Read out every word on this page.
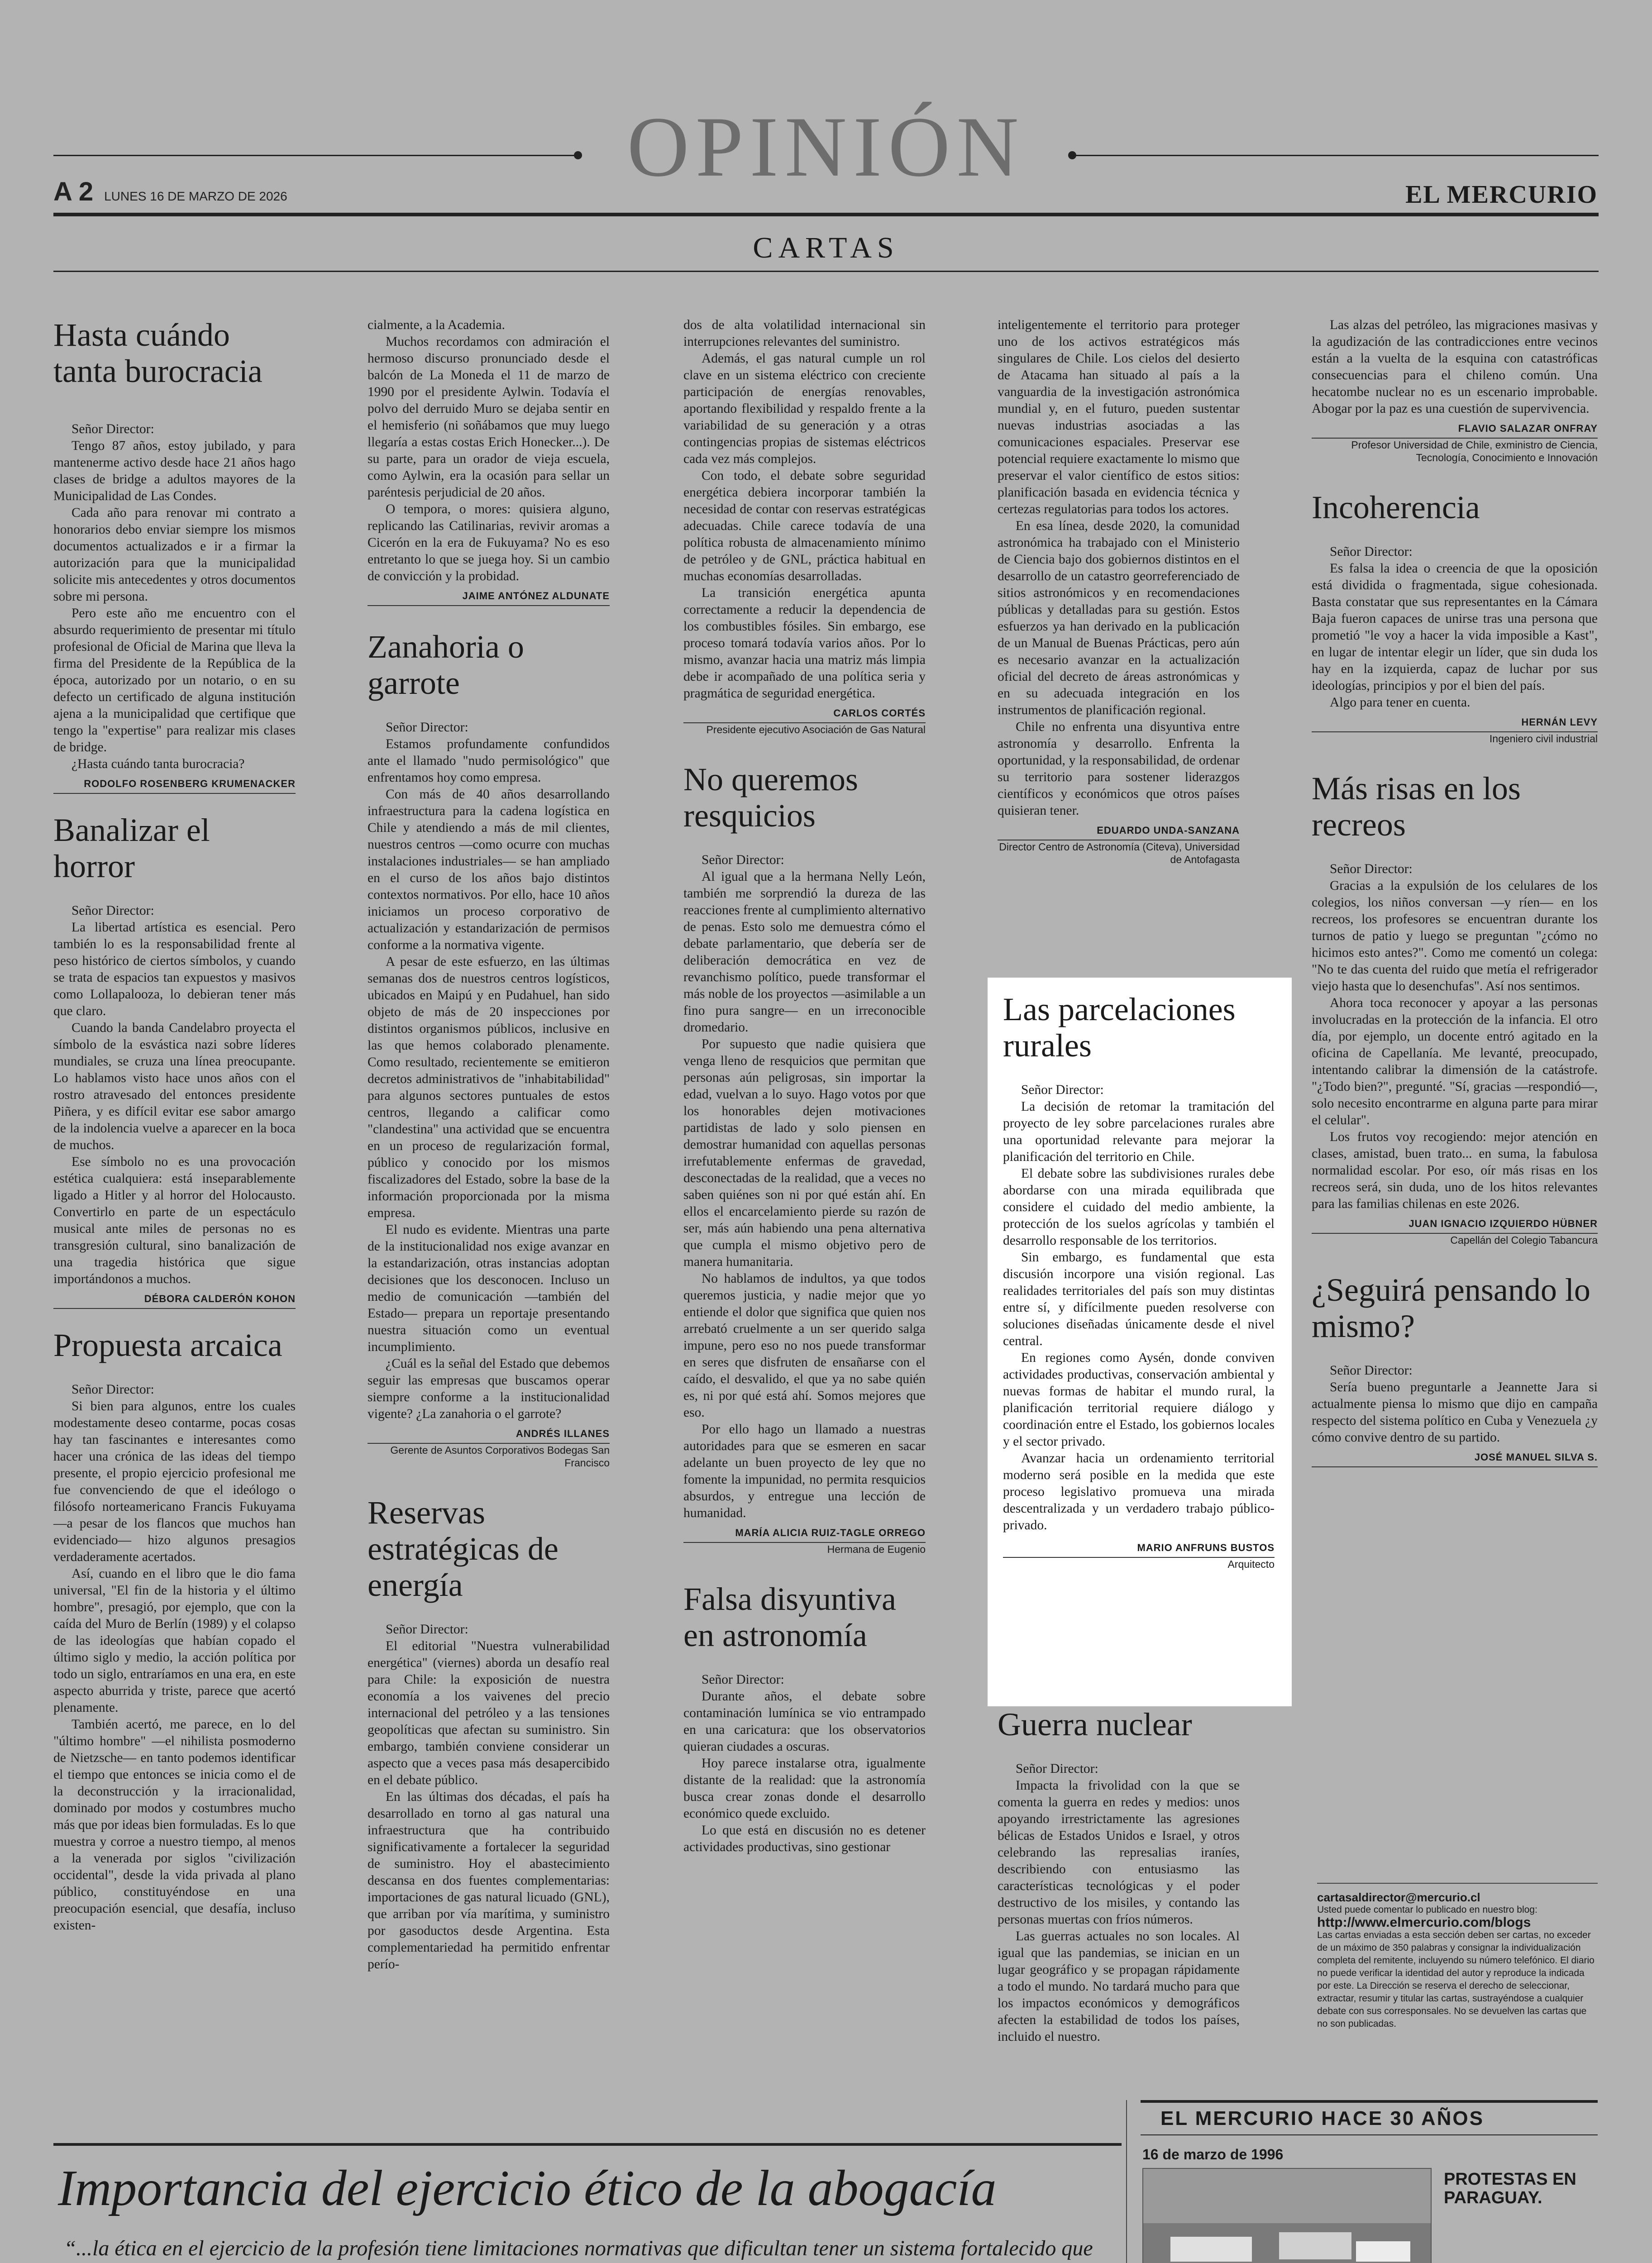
OPINIÓN
A 2 LUNES 16 DE MARZO DE 2026	EL MERCURIO
CARTAS
Hasta cuándo tanta burocracia

Señor Director:

Tengo 87 años, estoy jubilado, y para mantenerme activo desde hace 21 años hago clases de bridge a adultos mayores de la Municipalidad de Las Condes.

Cada año para renovar mi contrato a honorarios debo enviar siempre los mismos documentos actualizados e ir a firmar la autorización para que la municipalidad solicite mis antecedentes y otros documentos sobre mi persona.

Pero este año me encuentro con el absurdo requerimiento de presentar mi título profesional de Oficial de Marina que lleva la firma del Presidente de la República de la época, autorizado por un notario, o en su defecto un certificado de alguna institución ajena a la municipalidad que certifique que tengo la "expertise" para realizar mis clases de bridge.

¿Hasta cuándo tanta burocracia?

RODOLFO ROSENBERG KRUMENACKER
Banalizar el horror

Señor Director:

La libertad artística es esencial. Pero también lo es la responsabilidad frente al peso histórico de ciertos símbolos, y cuando se trata de espacios tan expuestos y masivos como Lollapalooza, lo debieran tener más que claro.

Cuando la banda Candelabro proyecta el símbolo de la esvástica nazi sobre líderes mundiales, se cruza una línea preocupante. Lo hablamos visto hace unos años con el rostro atravesado del entonces presidente Piñera, y es difícil evitar ese sabor amargo de la indolencia vuelve a aparecer en la boca de muchos.

Ese símbolo no es una provocación estética cualquiera: está inseparablemente ligado a Hitler y al horror del Holocausto. Convertirlo en parte de un espectáculo musical ante miles de personas no es transgresión cultural, sino banalización de una tragedia histórica que sigue importándonos a muchos.

DÉBORA CALDERÓN KOHON
Propuesta arcaica

Señor Director:

Si bien para algunos, entre los cuales modestamente deseo contarme, pocas cosas hay tan fascinantes e interesantes como hacer una crónica de las ideas del tiempo presente, el propio ejercicio profesional me fue convenciendo de que el ideólogo o filósofo norteamericano Francis Fukuyama —a pesar de los flancos que muchos han evidenciado— hizo algunos presagios verdaderamente acertados.

Así, cuando en el libro que le dio fama universal, "El fin de la historia y el último hombre", presagió, por ejemplo, que con la caída del Muro de Berlín (1989) y el colapso de las ideologías que habían copado el último siglo y medio, la acción política por todo un siglo, entraríamos en una era, en este aspecto aburrida y triste, parece que acertó plenamente.

También acertó, me parece, en lo del "último hombre" —el nihilista posmoderno de Nietzsche— en tanto podemos identificar el tiempo que entonces se inicia como el de la deconstrucción y la irracionalidad, dominado por modos y costumbres mucho más que por ideas bien formuladas. Es lo que muestra y corroe a nuestro tiempo, al menos a la venerada por siglos "civilización occidental", desde la vida privada al plano público, constituyéndose en una preocupación esencial, que desafía, incluso existen-

cialmente, a la Academia.

Muchos recordamos con admiración el hermoso discurso pronunciado desde el balcón de La Moneda el 11 de marzo de 1990 por el presidente Aylwin. Todavía el polvo del derruido Muro se dejaba sentir en el hemisferio (ni soñábamos que muy luego llegaría a estas costas Erich Honecker...). De su parte, para un orador de vieja escuela, como Aylwin, era la ocasión para sellar un paréntesis perjudicial de 20 años.

O tempora, o mores: quisiera alguno, replicando las Catilinarias, revivir aromas a Cicerón en la era de Fukuyama? No es eso entretanto lo que se juega hoy. Si un cambio de convicción y la probidad.

JAIME ANTÓNEZ ALDUNATE
Zanahoria o garrote

Señor Director:

Estamos profundamente confundidos ante el llamado "nudo permisológico" que enfrentamos hoy como empresa.

Con más de 40 años desarrollando infraestructura para la cadena logística en Chile y atendiendo a más de mil clientes, nuestros centros —como ocurre con muchas instalaciones industriales— se han ampliado en el curso de los años bajo distintos contextos normativos. Por ello, hace 10 años iniciamos un proceso corporativo de actualización y estandarización de permisos conforme a la normativa vigente.

A pesar de este esfuerzo, en las últimas semanas dos de nuestros centros logísticos, ubicados en Maipú y en Pudahuel, han sido objeto de más de 20 inspecciones por distintos organismos públicos, inclusive en las que hemos colaborado plenamente. Como resultado, recientemente se emitieron decretos administrativos de "inhabitabilidad" para algunos sectores puntuales de estos centros, llegando a calificar como "clandestina" una actividad que se encuentra en un proceso de regularización formal, público y conocido por los mismos fiscalizadores del Estado, sobre la base de la información proporcionada por la misma empresa.

El nudo es evidente. Mientras una parte de la institucionalidad nos exige avanzar en la estandarización, otras instancias adoptan decisiones que los desconocen. Incluso un medio de comunicación —también del Estado— prepara un reportaje presentando nuestra situación como un eventual incumplimiento.

¿Cuál es la señal del Estado que debemos seguir las empresas que buscamos operar siempre conforme a la institucionalidad vigente? ¿La zanahoria o el garrote?

ANDRÉS ILLANES
Gerente de Asuntos Corporativos Bodegas San Francisco
Reservas estratégicas de energía

Señor Director:

El editorial "Nuestra vulnerabilidad energética" (viernes) aborda un desafío real para Chile: la exposición de nuestra economía a los vaivenes del precio internacional del petróleo y a las tensiones geopolíticas que afectan su suministro. Sin embargo, también conviene considerar un aspecto que a veces pasa más desapercibido en el debate público.

En las últimas dos décadas, el país ha desarrollado en torno al gas natural una infraestructura que ha contribuido significativamente a fortalecer la seguridad de suministro. Hoy el abastecimiento descansa en dos fuentes complementarias: importaciones de gas natural licuado (GNL), que arriban por vía marítima, y suministro por gasoductos desde Argentina. Esta complementariedad ha permitido enfrentar perío-

dos de alta volatilidad internacional sin interrupciones relevantes del suministro.

Además, el gas natural cumple un rol clave en un sistema eléctrico con creciente participación de energías renovables, aportando flexibilidad y respaldo frente a la variabilidad de su generación y a otras contingencias propias de sistemas eléctricos cada vez más complejos.

Con todo, el debate sobre seguridad energética debiera incorporar también la necesidad de contar con reservas estratégicas adecuadas. Chile carece todavía de una política robusta de almacenamiento mínimo de petróleo y de GNL, práctica habitual en muchas economías desarrolladas.

La transición energética apunta correctamente a reducir la dependencia de los combustibles fósiles. Sin embargo, ese proceso tomará todavía varios años. Por lo mismo, avanzar hacia una matriz más limpia debe ir acompañado de una política seria y pragmática de seguridad energética.

CARLOS CORTÉS
Presidente ejecutivo Asociación de Gas Natural
No queremos resquicios

Señor Director:

Al igual que a la hermana Nelly León, también me sorprendió la dureza de las reacciones frente al cumplimiento alternativo de penas. Esto solo me demuestra cómo el debate parlamentario, que debería ser de deliberación democrática en vez de revanchismo político, puede transformar el más noble de los proyectos —asimilable a un fino pura sangre— en un irreconocible dromedario.

Por supuesto que nadie quisiera que venga lleno de resquicios que permitan que personas aún peligrosas, sin importar la edad, vuelvan a lo suyo. Hago votos por que los honorables dejen motivaciones partidistas de lado y solo piensen en demostrar humanidad con aquellas personas irrefutablemente enfermas de gravedad, desconectadas de la realidad, que a veces no saben quiénes son ni por qué están ahí. En ellos el encarcelamiento pierde su razón de ser, más aún habiendo una pena alternativa que cumpla el mismo objetivo pero de manera humanitaria.

No hablamos de indultos, ya que todos queremos justicia, y nadie mejor que yo entiende el dolor que significa que quien nos arrebató cruelmente a un ser querido salga impune, pero eso no nos puede transformar en seres que disfruten de ensañarse con el caído, el desvalido, el que ya no sabe quién es, ni por qué está ahí. Somos mejores que eso.

Por ello hago un llamado a nuestras autoridades para que se esmeren en sacar adelante un buen proyecto de ley que no fomente la impunidad, no permita resquicios absurdos, y entregue una lección de humanidad.

MARÍA ALICIA RUIZ-TAGLE ORREGO
Hermana de Eugenio
Falsa disyuntiva en astronomía

Señor Director:

Durante años, el debate sobre contaminación lumínica se vio entrampado en una caricatura: que los observatorios quieran ciudades a oscuras.

Hoy parece instalarse otra, igualmente distante de la realidad: que la astronomía busca crear zonas donde el desarrollo económico quede excluido.

Lo que está en discusión no es detener actividades productivas, sino gestionar

inteligentemente el territorio para proteger uno de los activos estratégicos más singulares de Chile. Los cielos del desierto de Atacama han situado al país a la vanguardia de la investigación astronómica mundial y, en el futuro, pueden sustentar nuevas industrias asociadas a las comunicaciones espaciales. Preservar ese potencial requiere exactamente lo mismo que preservar el valor científico de estos sitios: planificación basada en evidencia técnica y certezas regulatorias para todos los actores.

En esa línea, desde 2020, la comunidad astronómica ha trabajado con el Ministerio de Ciencia bajo dos gobiernos distintos en el desarrollo de un catastro georreferenciado de sitios astronómicos y en recomendaciones públicas y detalladas para su gestión. Estos esfuerzos ya han derivado en la publicación de un Manual de Buenas Prácticas, pero aún es necesario avanzar en la actualización oficial del decreto de áreas astronómicas y en su adecuada integración en los instrumentos de planificación regional.

Chile no enfrenta una disyuntiva entre astronomía y desarrollo. Enfrenta la oportunidad, y la responsabilidad, de ordenar su territorio para sostener liderazgos científicos y económicos que otros países quisieran tener.

EDUARDO UNDA-SANZANA
Director Centro de Astronomía (Citeva), Universidad de Antofagasta
Las parcelaciones rurales

Señor Director:

La decisión de retomar la tramitación del proyecto de ley sobre parcelaciones rurales abre una oportunidad relevante para mejorar la planificación del territorio en Chile.

El debate sobre las subdivisiones rurales debe abordarse con una mirada equilibrada que considere el cuidado del medio ambiente, la protección de los suelos agrícolas y también el desarrollo responsable de los territorios.

Sin embargo, es fundamental que esta discusión incorpore una visión regional. Las realidades territoriales del país son muy distintas entre sí, y difícilmente pueden resolverse con soluciones diseñadas únicamente desde el nivel central.

En regiones como Aysén, donde conviven actividades productivas, conservación ambiental y nuevas formas de habitar el mundo rural, la planificación territorial requiere diálogo y coordinación entre el Estado, los gobiernos locales y el sector privado.

Avanzar hacia un ordenamiento territorial moderno será posible en la medida que este proceso legislativo promueva una mirada descentralizada y un verdadero trabajo público-privado.

MARIO ANFRUNS BUSTOS
Arquitecto
Guerra nuclear

Señor Director:

Impacta la frivolidad con la que se comenta la guerra en redes y medios: unos apoyando irrestrictamente las agresiones bélicas de Estados Unidos e Israel, y otros celebrando las represalias iraníes, describiendo con entusiasmo las características tecnológicas y el poder destructivo de los misiles, y contando las personas muertas con fríos números.

Las guerras actuales no son locales. Al igual que las pandemias, se inician en un lugar geográfico y se propagan rápidamente a todo el mundo. No tardará mucho para que los impactos económicos y demográficos afecten la estabilidad de todos los países, incluido el nuestro.

Las alzas del petróleo, las migraciones masivas y la agudización de las contradicciones entre vecinos están a la vuelta de la esquina con catastróficas consecuencias para el chileno común. Una hecatombe nuclear no es un escenario improbable. Abogar por la paz es una cuestión de supervivencia.

FLAVIO SALAZAR ONFRAY
Profesor Universidad de Chile, exministro de Ciencia, Tecnología, Conocimiento e Innovación
Incoherencia

Señor Director:

Es falsa la idea o creencia de que la oposición está dividida o fragmentada, sigue cohesionada. Basta constatar que sus representantes en la Cámara Baja fueron capaces de unirse tras una persona que prometió "le voy a hacer la vida imposible a Kast", en lugar de intentar elegir un líder, que sin duda los hay en la izquierda, capaz de luchar por sus ideologías, principios y por el bien del país.

Algo para tener en cuenta.

HERNÁN LEVY
Ingeniero civil industrial
Más risas en los recreos

Señor Director:

Gracias a la expulsión de los celulares de los colegios, los niños conversan —y ríen— en los recreos, los profesores se encuentran durante los turnos de patio y luego se preguntan "¿cómo no hicimos esto antes?". Como me comentó un colega: "No te das cuenta del ruido que metía el refrigerador viejo hasta que lo desenchufas". Así nos sentimos.

Ahora toca reconocer y apoyar a las personas involucradas en la protección de la infancia. El otro día, por ejemplo, un docente entró agitado en la oficina de Capellanía. Me levanté, preocupado, intentando calibrar la dimensión de la catástrofe. "¿Todo bien?", pregunté. "Sí, gracias —respondió—, solo necesito encontrarme en alguna parte para mirar el celular".

Los frutos voy recogiendo: mejor atención en clases, amistad, buen trato... en suma, la fabulosa normalidad escolar. Por eso, oír más risas en los recreos será, sin duda, uno de los hitos relevantes para las familias chilenas en este 2026.

JUAN IGNACIO IZQUIERDO HÜBNER
Capellán del Colegio Tabancura
¿Seguirá pensando lo mismo?

Señor Director:

Sería bueno preguntarle a Jeannette Jara si actualmente piensa lo mismo que dijo en campaña respecto del sistema político en Cuba y Venezuela ¿y cómo convive dentro de su partido.

JOSÉ MANUEL SILVA S.
cartasaldirector@mercurio.cl
Usted puede comentar lo publicado en nuestro blog:
http://www.elmercurio.com/blogs
Las cartas enviadas a esta sección deben ser cartas, no exceder de un máximo de 350 palabras y consignar la individualización completa del remitente, incluyendo su número telefónico. El diario no puede verificar la identidad del autor y reproduce la indicada por este. La Dirección se reserva el derecho de seleccionar, extractar, resumir y titular las cartas, sustrayéndose a cualquier debate con sus corresponsales. No se devuelven las cartas que no son publicadas.
Importancia del ejercicio ético de la abogacía
“...la ética en el ejercicio de la profesión tiene limitaciones normativas que dificultan tener un sistema fortalecido que

EL MERCURIO HACE 30 AÑOS
16 de marzo de 1996
PROTESTAS EN PARAGUAY.
